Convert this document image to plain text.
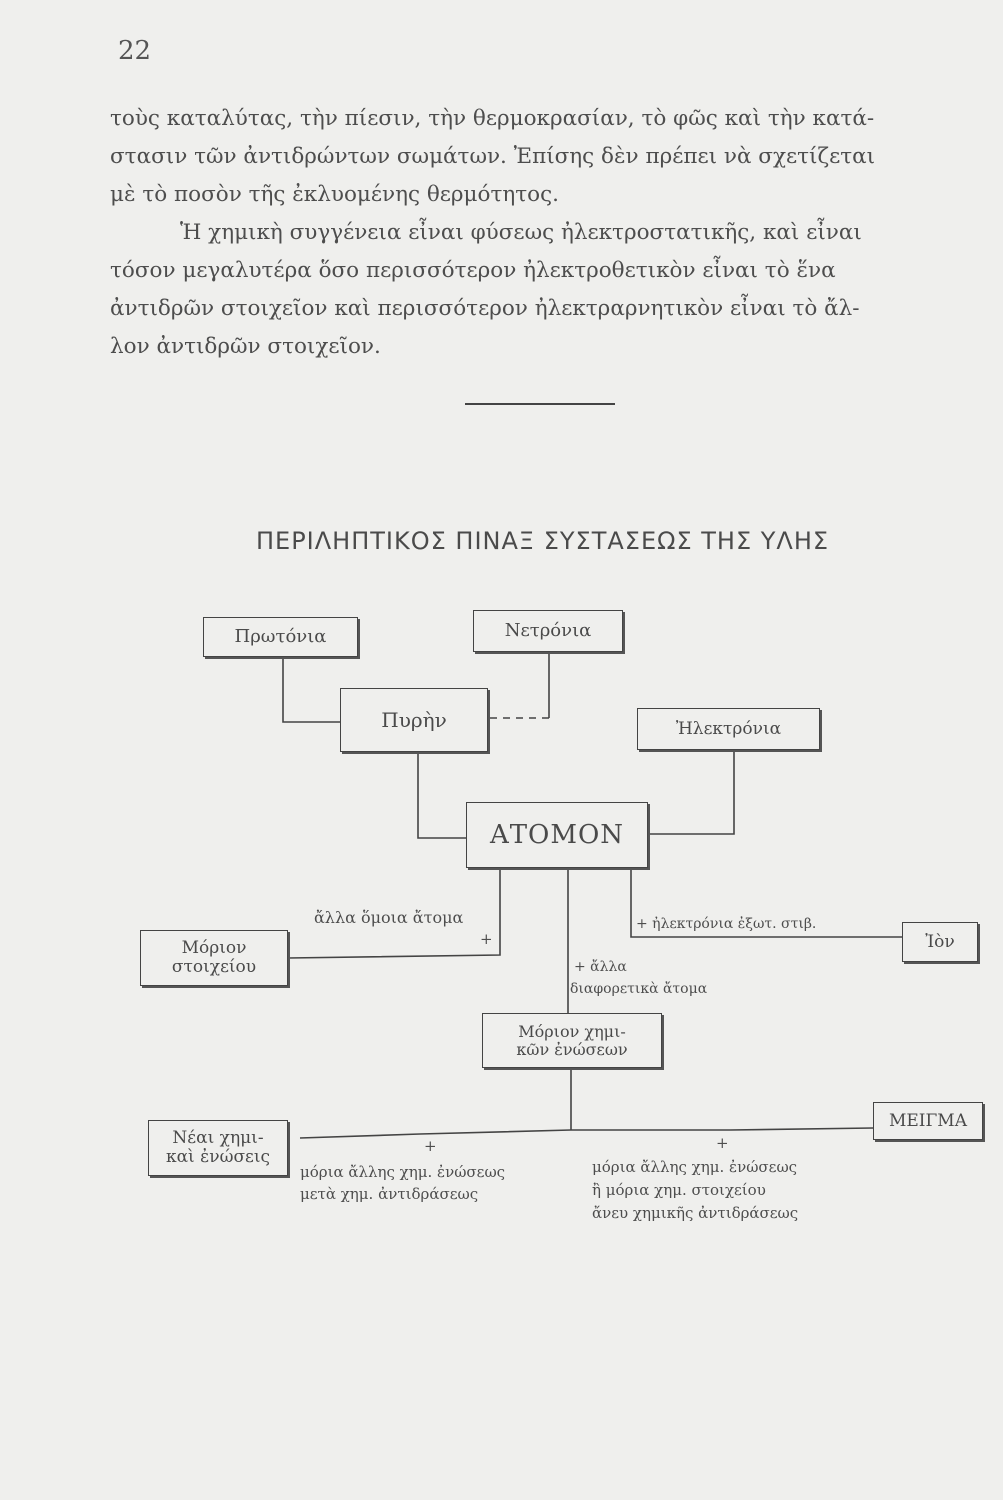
22
τοὺς καταλύτας, τὴν πίεσιν, τὴν θερμοκρασίαν, τὸ φῶς καὶ τὴν κατά-
στασιν τῶν ἀντιδρώντων σωμάτων. Ἐπίσης δὲν πρέπει νὰ σχετίζεται
μὲ τὸ ποσὸν τῆς ἐκλυομένης θερμότητος.
Ἡ χημικὴ συγγένεια εἶναι φύσεως ἠλεκτροστατικῆς, καὶ εἶναι
τόσον μεγαλυτέρα ὅσο περισσότερον ἠλεκτροθετικὸν εἶναι τὸ ἕνα
ἀντιδρῶν στοιχεῖον καὶ περισσότερον ἠλεκτραρνητικὸν εἶναι τὸ ἄλ-
λον ἀντιδρῶν στοιχεῖον.
ΠΕΡΙΛΗΠΤΙΚΟΣ ΠΙΝΑΞ ΣΥΣΤΑΣΕΩΣ ΤΗΣ ΥΛΗΣ
Πρωτόνια	Νετρόνια
Πυρὴν	Ἠλεκτρόνια
ΑΤΟΜΟΝ
Μόριον
στοιχείου
Ἰὸν
Μόριον χημι-
κῶν ἐνώσεων
Νέαι χημι-
καὶ ἐνώσεις
ΜΕΙΓΜΑ
ἄλλα ὅμοια ἄτομα
+
+ ἠλεκτρόνια ἐξωτ. στιβ.
+ ἄλλα
διαφορετικὰ ἄτομα
+	+
μόρια ἄλλης χημ. ἐνώσεως
μετὰ χημ. ἀντιδράσεως
μόρια ἄλλης χημ. ἐνώσεως
ἢ μόρια χημ. στοιχείου
ἄνευ χημικῆς ἀντιδράσεως
